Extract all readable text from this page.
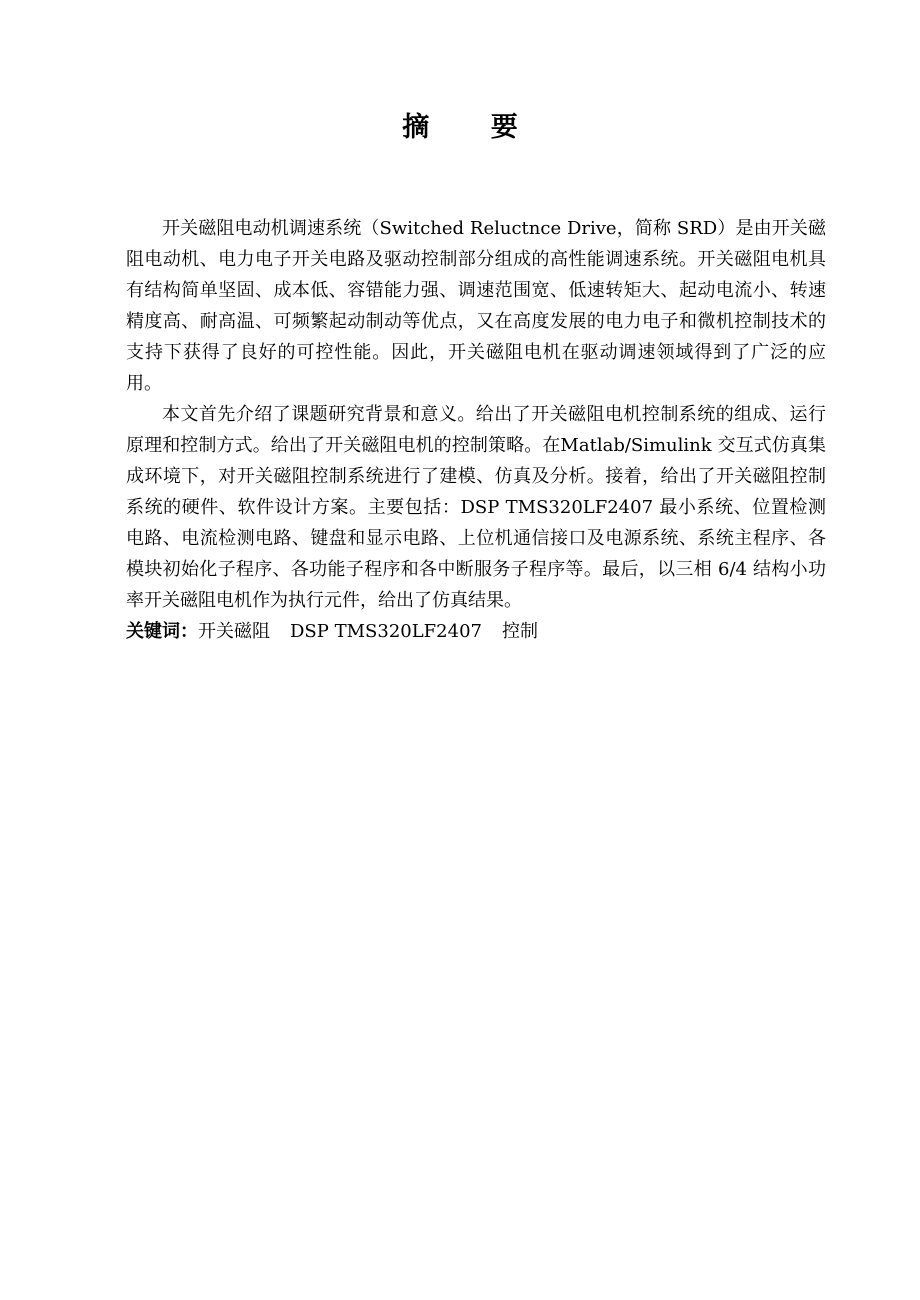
摘 要

开关磁阻电动机调速系统（Switched Reluctnce Drive，简称 SRD）是由开关磁阻电动机、电力电子开关电路及驱动控制部分组成的高性能调速系统。开关磁阻电机具有结构简单坚固、成本低、容错能力强、调速范围宽、低速转矩大、起动电流小、转速精度高、耐高温、可频繁起动制动等优点，又在高度发展的电力电子和微机控制技术的支持下获得了良好的可控性能。因此，开关磁阻电机在驱动调速领域得到了广泛的应用。

本文首先介绍了课题研究背景和意义。给出了开关磁阻电机控制系统的组成、运行原理和控制方式。给出了开关磁阻电机的控制策略。在Matlab/Simulink 交互式仿真集成环境下，对开关磁阻控制系统进行了建模、仿真及分析。接着，给出了开关磁阻控制系统的硬件、软件设计方案。主要包括：DSP TMS320LF2407 最小系统、位置检测电路、电流检测电路、键盘和显示电路、上位机通信接口及电源系统、系统主程序、各模块初始化子程序、各功能子程序和各中断服务子程序等。最后，以三相 6/4 结构小功率开关磁阻电机作为执行元件，给出了仿真结果。

关键词：开关磁阻 DSP TMS320LF2407 控制
